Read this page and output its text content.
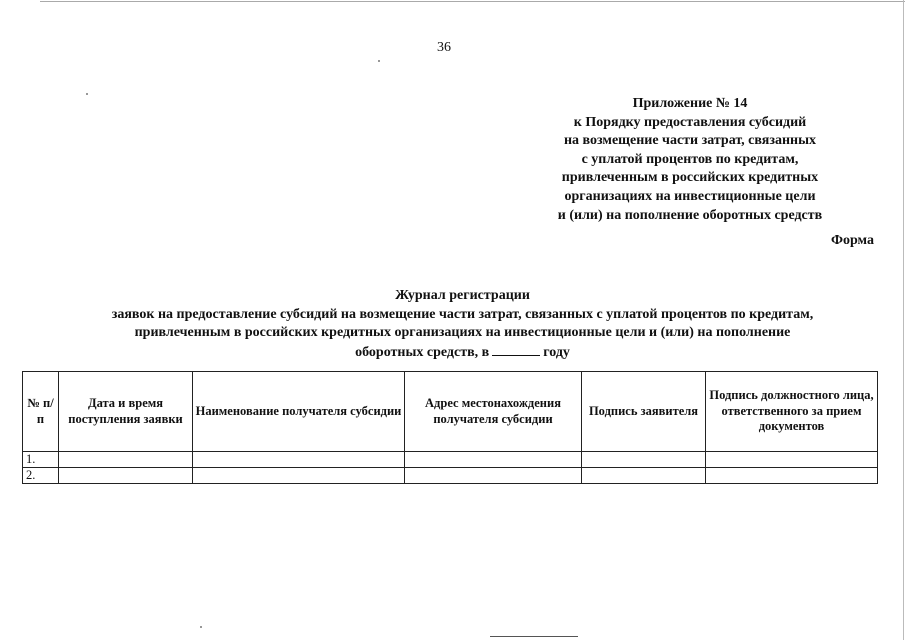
36
Приложение № 14
к Порядку предоставления субсидий
на возмещение части затрат, связанных
с уплатой процентов по кредитам,
привлеченным в российских кредитных
организациях на инвестиционные цели
и (или) на пополнение оборотных средств
Форма
Журнал регистрации
заявок на предоставление субсидий на возмещение части затрат, связанных с уплатой процентов по кредитам,
привлеченным в российских кредитных организациях на инвестиционные цели и (или) на пополнение
оборотных средств, в	году
№ п/п	Дата и время поступления заявки	Наименование получателя субсидии	Адрес местонахождения получателя субсидии	Подпись заявителя	Подпись должностного лица, ответственного за прием документов
1.					
2.					
